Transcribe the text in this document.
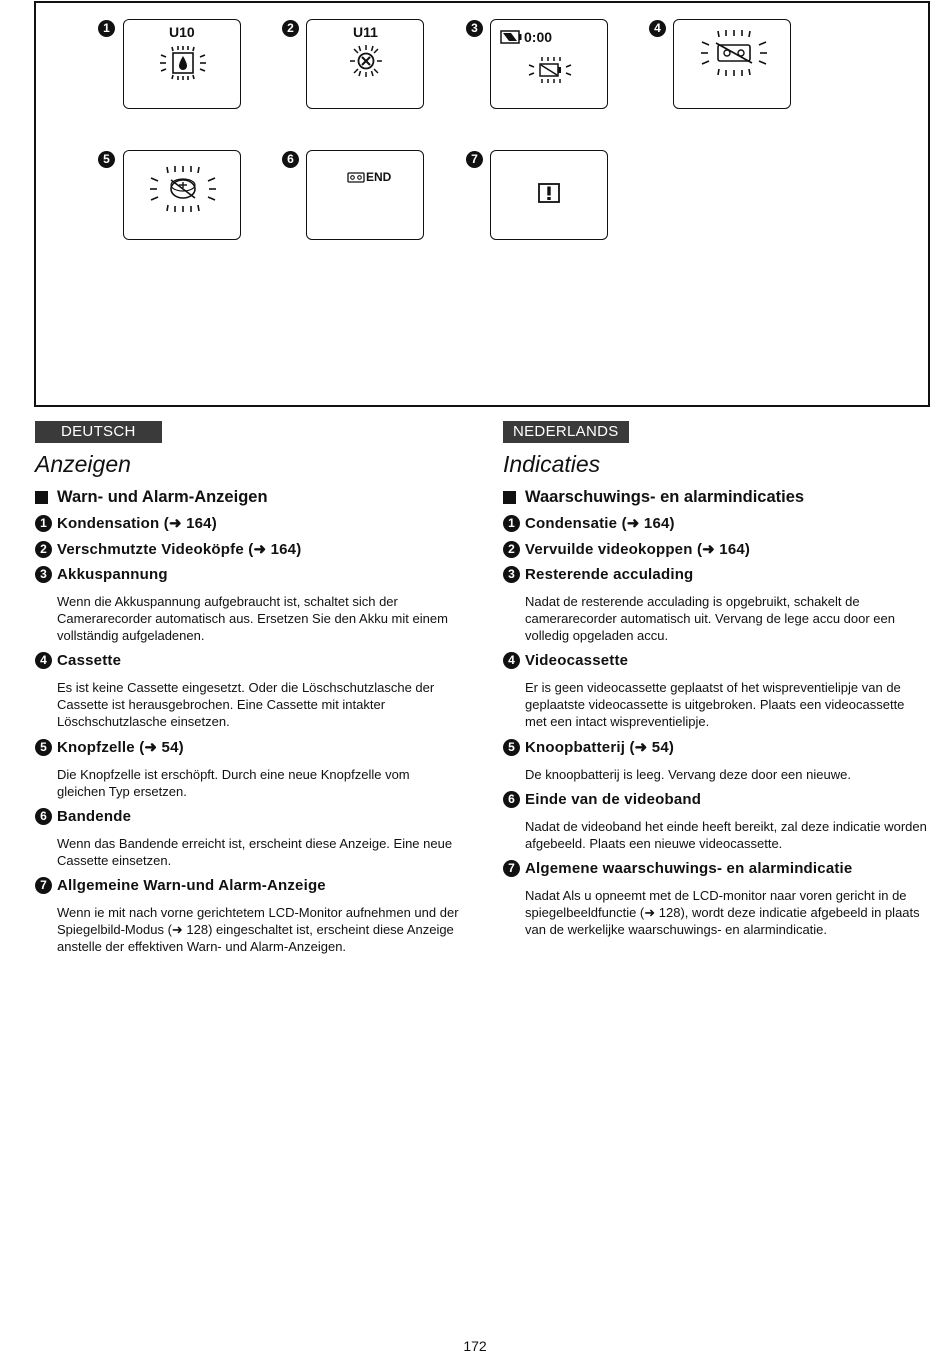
1	U10	2	U11	3
0:00
4
5	6
END
7
DEUTSCH
Anzeigen
Warn- und Alarm-Anzeigen
1 Kondensation (➜ 164)
2 Verschmutzte Videoköpfe (➜ 164)
3 Akkuspannung
Wenn die Akkuspannung aufgebraucht ist, schaltet sich der Camerarecorder automatisch aus. Ersetzen Sie den Akku mit einem vollständig aufgeladenen.
4 Cassette
Es ist keine Cassette eingesetzt. Oder die Löschschutzlasche der Cassette ist herausgebrochen. Eine Cassette mit intakter Löschschutzlasche einsetzen.
5 Knopfzelle (➜ 54)
Die Knopfzelle ist erschöpft. Durch eine neue Knopfzelle vom gleichen Typ ersetzen.
6 Bandende
Wenn das Bandende erreicht ist, erscheint diese Anzeige. Eine neue Cassette einsetzen.
7 Allgemeine Warn-und Alarm-Anzeige
Wenn ie mit nach vorne gerichtetem LCD-Monitor aufnehmen und der Spiegelbild-Modus (➜ 128) eingeschaltet ist, erscheint diese Anzeige anstelle der effektiven Warn- und Alarm-Anzeigen.
NEDERLANDS
Indicaties
Waarschuwings- en alarmindicaties
1 Condensatie (➜ 164)
2 Vervuilde videokoppen (➜ 164)
3 Resterende acculading
Nadat de resterende acculading is opgebruikt, schakelt de camerarecorder automatisch uit. Vervang de lege accu door een volledig opgeladen accu.
4 Videocassette
Er is geen videocassette geplaatst of het wispreventielipje van de geplaatste videocassette is uitgebroken. Plaats een videocassette met een intact wispreventielipje.
5 Knoopbatterij (➜ 54)
De knoopbatterij is leeg. Vervang deze door een nieuwe.
6 Einde van de videoband
Nadat de videoband het einde heeft bereikt, zal deze indicatie worden afgebeeld. Plaats een nieuwe videocassette.
7 Algemene waarschuwings- en alarmindicatie
Nadat Als u opneemt met de LCD-monitor naar voren gericht in de spiegelbeeldfunctie (➜ 128), wordt deze indicatie afgebeeld in plaats van de werkelijke waarschuwings- en alarmindicatie.
172
